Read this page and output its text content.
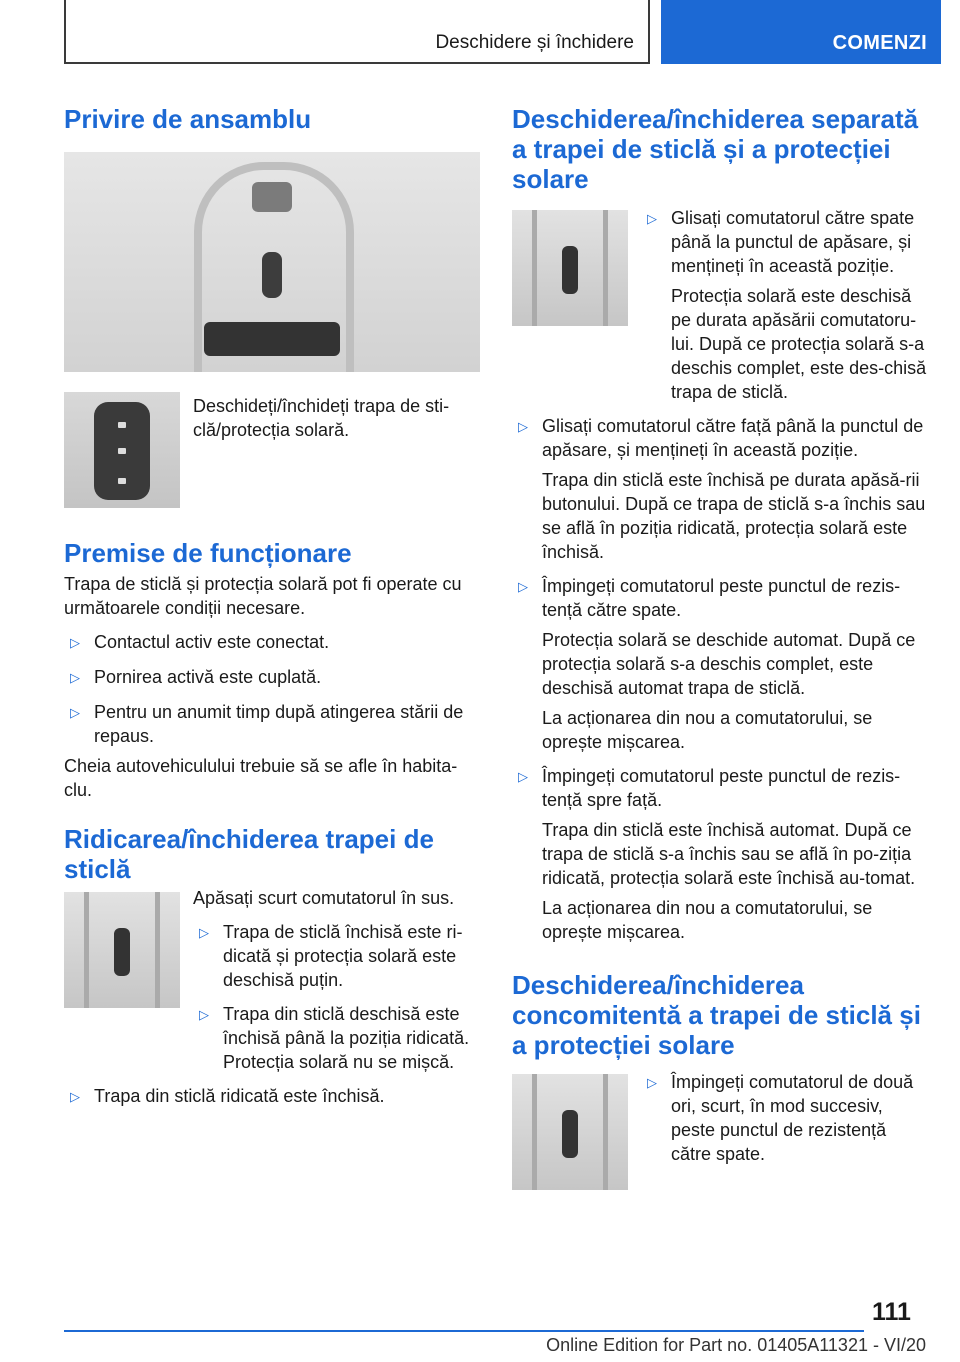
Deschidere și închidere	COMENZI
Privire de ansamblu

Deschideți/închideți trapa de sti‐clă/protecția solară.

Premise de funcționare

Trapa de sticlă și protecția solară pot fi operate cu următoarele condiții necesare.

▷ Contactul activ este conectat.
▷ Pornirea activă este cuplată.
▷ Pentru un anumit timp după atingerea stării de repaus.

Cheia autovehiculului trebuie să se afle în habita‐clu.

Ridicarea/închiderea trapei de sticlă

Apăsați scurt comutatorul în sus.

▷ Trapa de sticlă închisă este ri‐dicată și protecția solară este deschisă puțin.
▷ Trapa din sticlă deschisă este închisă până la poziția ridicată. Protecția solară nu se mișcă.
▷ Trapa din sticlă ridicată este închisă.
Deschiderea/închiderea separată a trapei de sticlă și a protecției solare
▷ Glisați comutatorul către spate până la punctul de apăsare, și mențineți în această poziție.

Protecția solară este deschisă pe durata apăsării comutatoru‐lui. După ce protecția solară s-a deschis complet, este des‐chisă trapa de sticlă.

▷ Glisați comutatorul către față până la punctul de apăsare, și mențineți în această poziție.

Trapa din sticlă este închisă pe durata apăsă‐rii butonului. După ce trapa de sticlă s-a închis sau se află în poziția ridicată, protecția solară este închisă.

▷ Împingeți comutatorul peste punctul de rezis‐tență către spate.

Protecția solară se deschide automat. După ce protecția solară s-a deschis complet, este deschisă automat trapa de sticlă.

La acționarea din nou a comutatorului, se oprește mișcarea.

▷ Împingeți comutatorul peste punctul de rezis‐tență spre față.

Trapa din sticlă este închisă automat. După ce trapa de sticlă s-a închis sau se află în po‐ziția ridicată, protecția solară este închisă au‐tomat.

La acționarea din nou a comutatorului, se oprește mișcarea.

Deschiderea/închiderea concomitentă a trapei de sticlă și a protecției solare
▷ Împingeți comutatorul de două ori, scurt, în mod succesiv, peste punctul de rezistență către spate.
111
Online Edition for Part no. 01405A11321 - VI/20
